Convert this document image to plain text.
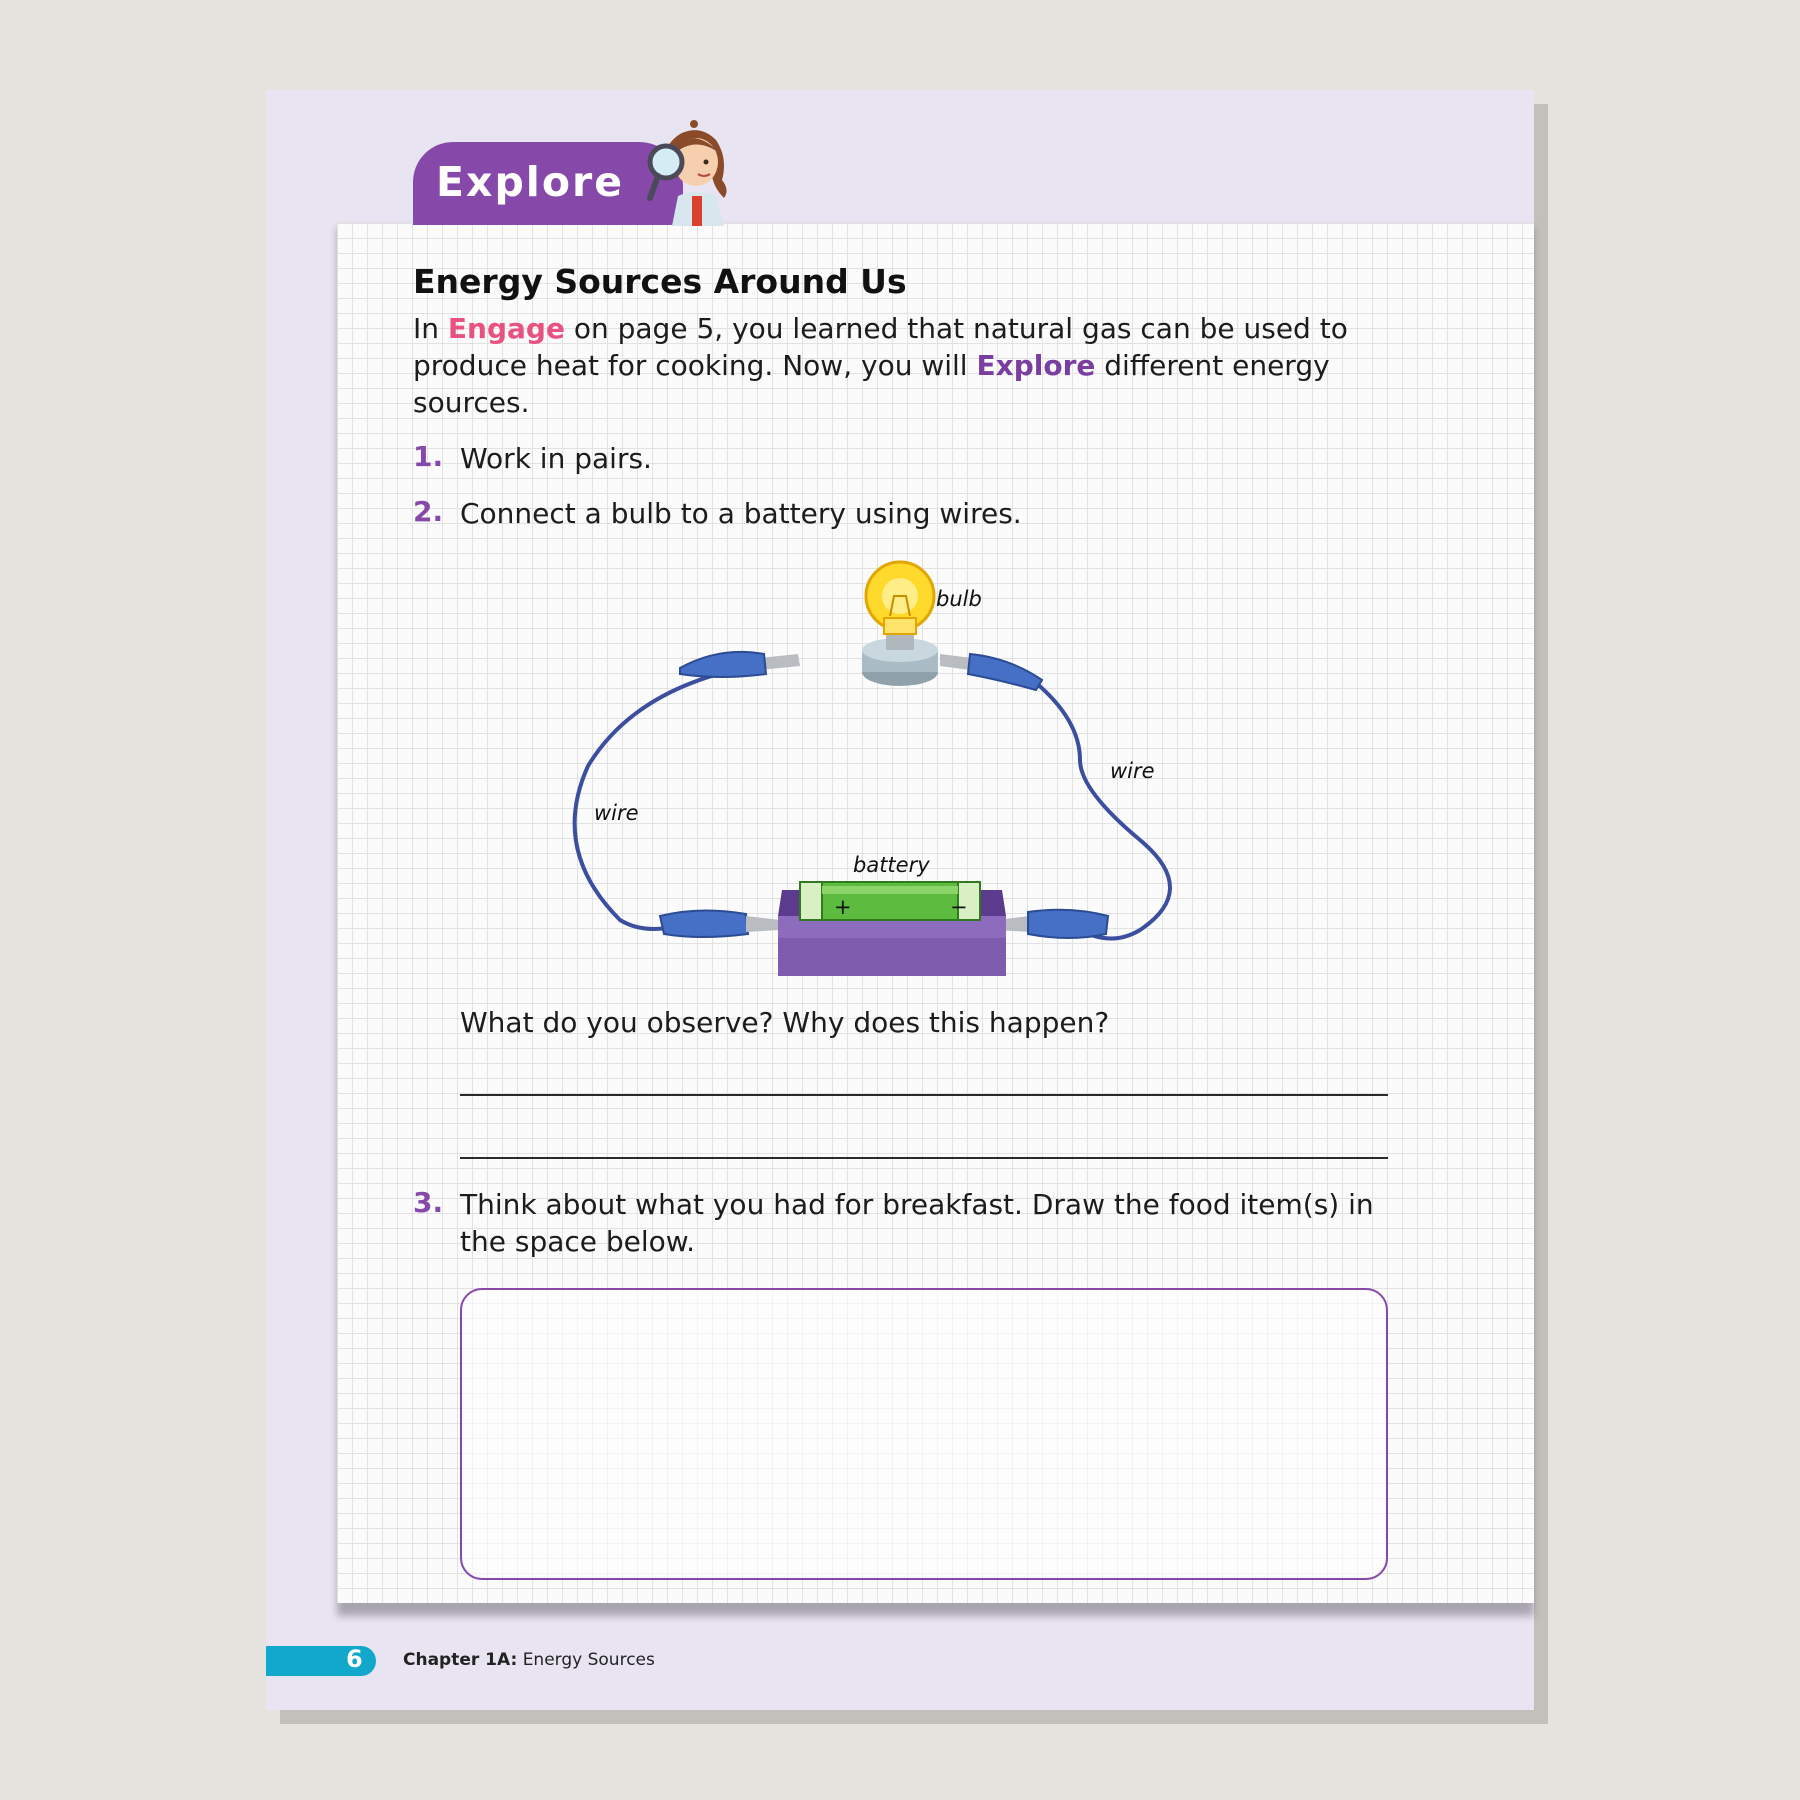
Explore
Energy Sources Around Us
In Engage on page 5, you learned that natural gas can be used to produce heat for cooking. Now, you will Explore different energy sources.
1. Work in pairs.
2. Connect a bulb to a battery using wires.
+	−
bulb
wire
wire
battery
What do you observe? Why does this happen?
3. Think about what you had for breakfast. Draw the food item(s) in the space below.
6 Chapter 1A: Energy Sources
